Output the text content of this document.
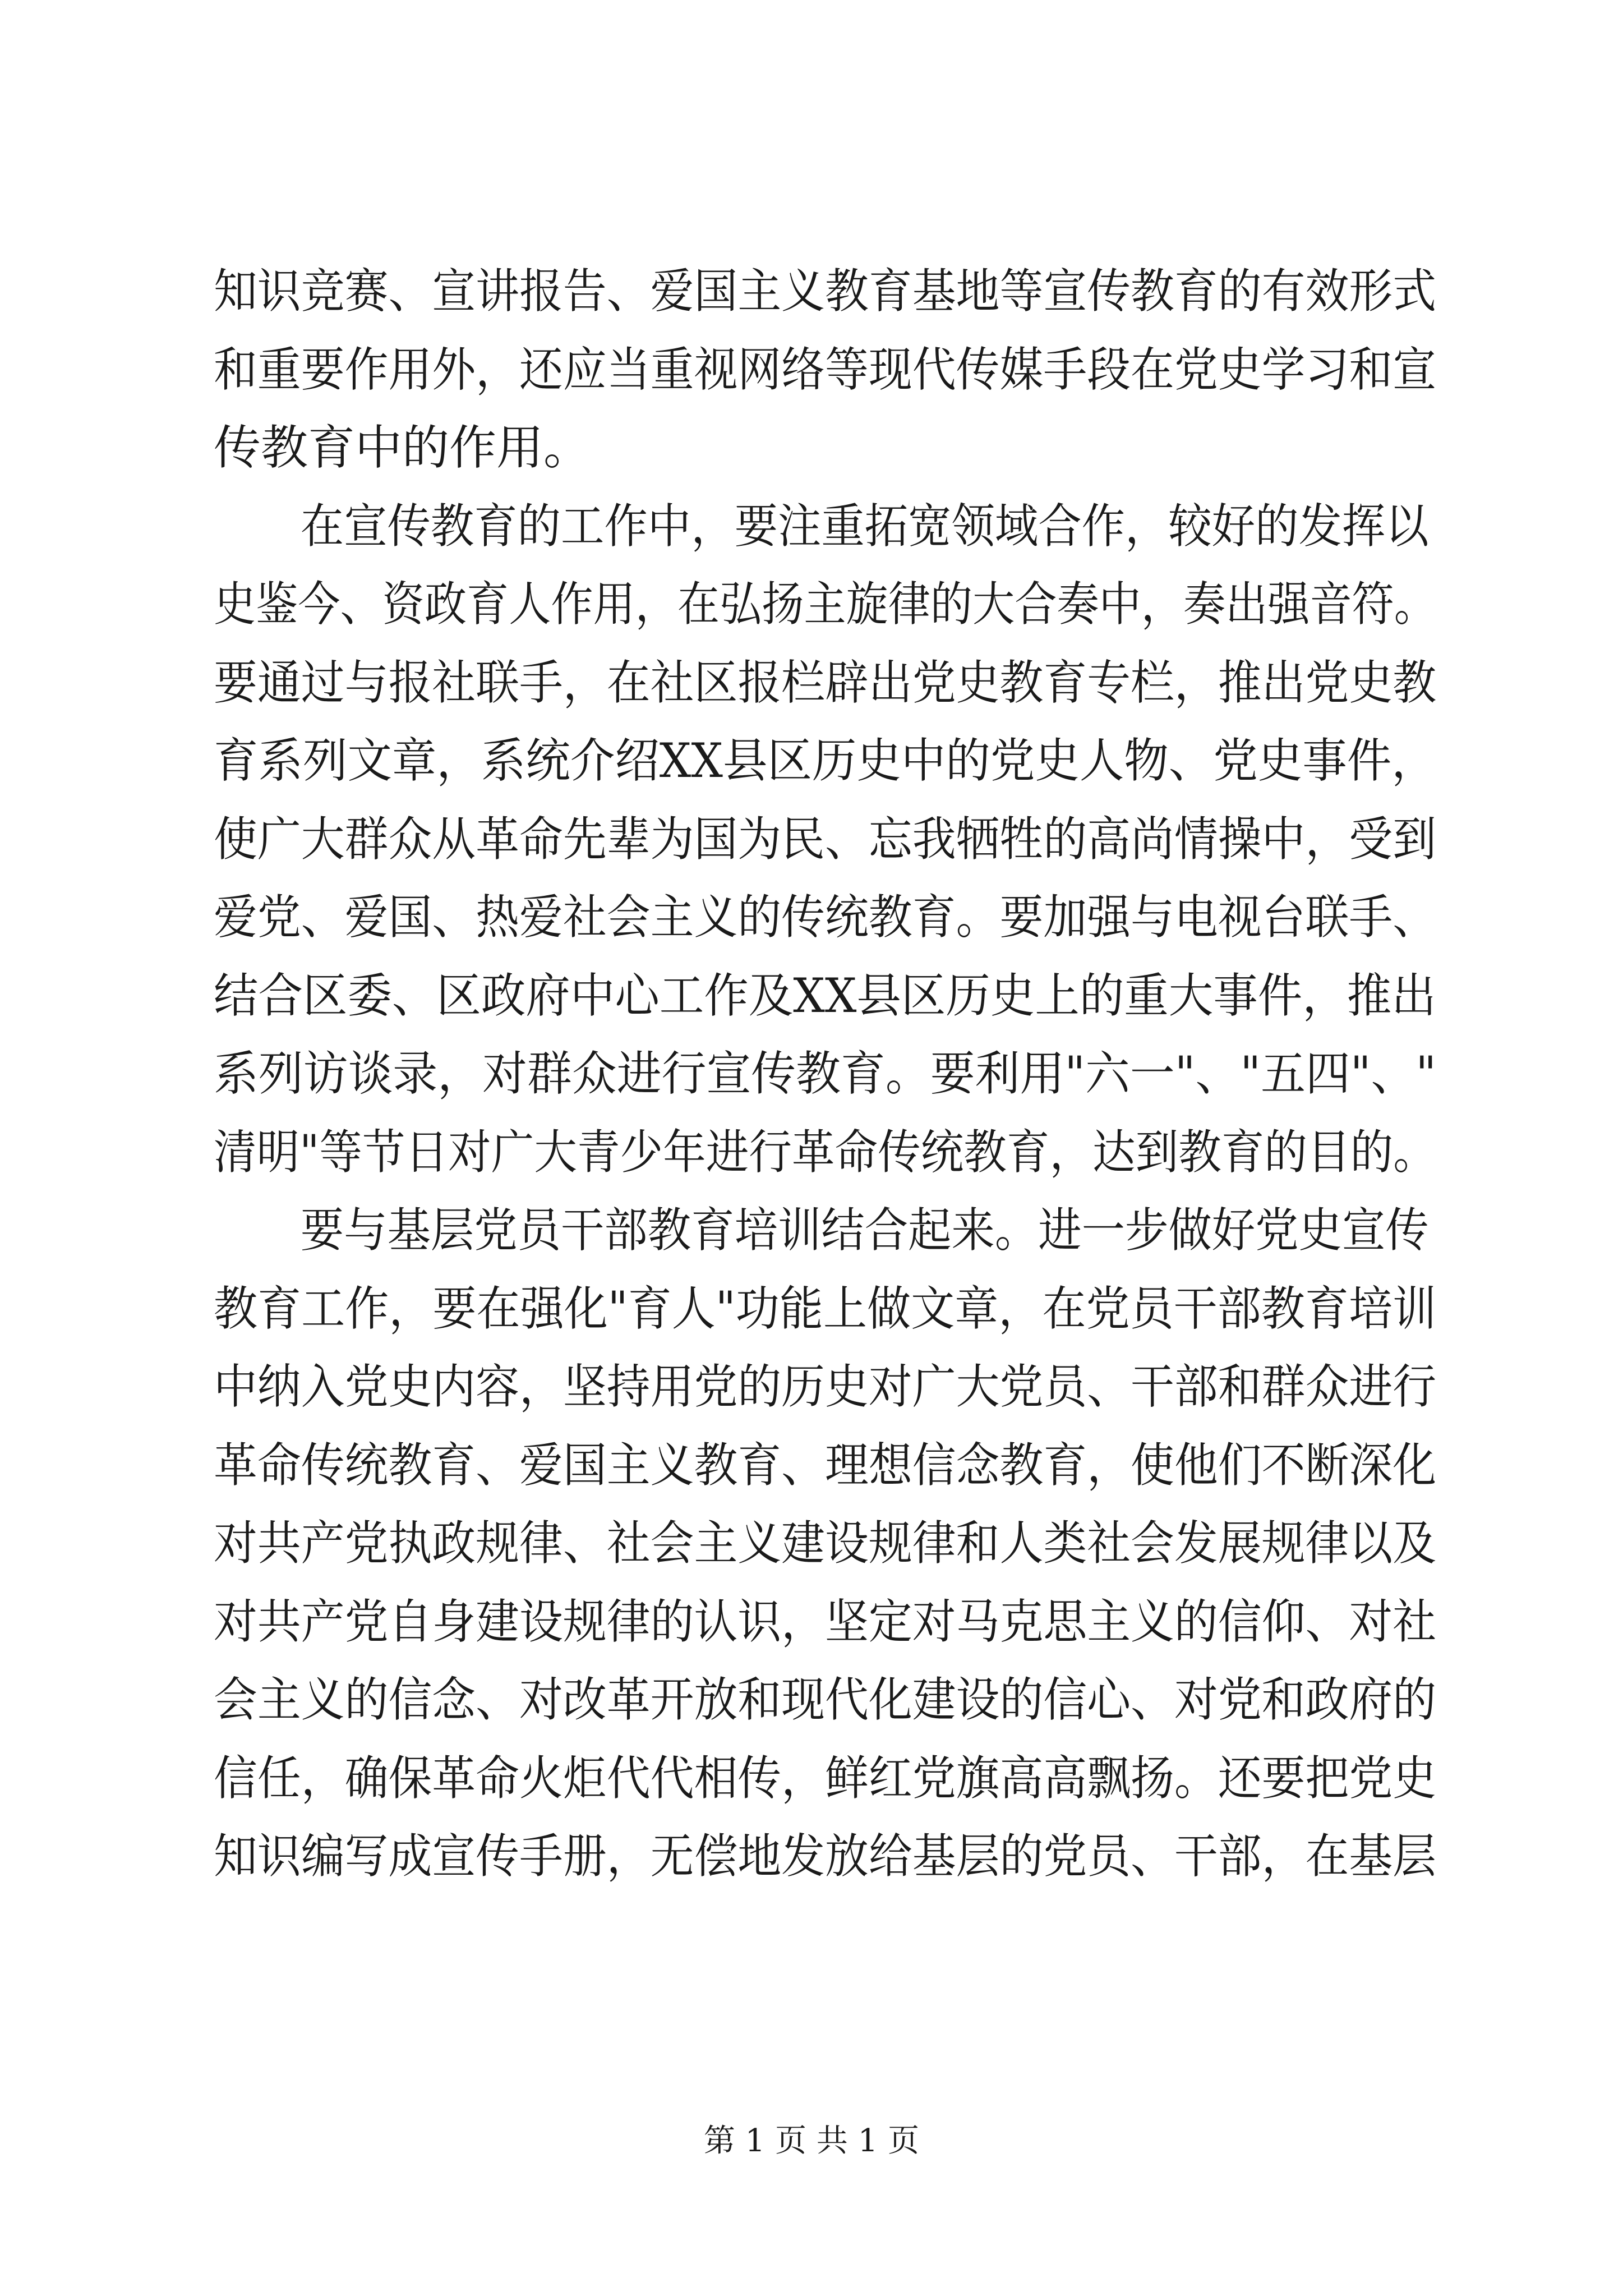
知识竞赛、宣讲报告、爱国主义教育基地等宣传教育的有效形式
和重要作用外，还应当重视网络等现代传媒手段在党史学习和宣
传教育中的作用。
在宣传教育的工作中，要注重拓宽领域合作，较好的发挥以
史鉴今、资政育人作用，在弘扬主旋律的大合奏中，奏出强音符。
要通过与报社联手，在社区报栏辟出党史教育专栏，推出党史教
育系列文章，系统介绍XX县区历史中的党史人物、党史事件，
使广大群众从革命先辈为国为民、忘我牺牲的高尚情操中，受到
爱党、爱国、热爱社会主义的传统教育。要加强与电视台联手、
结合区委、区政府中心工作及XX县区历史上的重大事件，推出
系列访谈录，对群众进行宣传教育。要利用"六一"、"五四"、"
清明"等节日对广大青少年进行革命传统教育，达到教育的目的。
要与基层党员干部教育培训结合起来。进一步做好党史宣传
教育工作，要在强化"育人"功能上做文章，在党员干部教育培训
中纳入党史内容，坚持用党的历史对广大党员、干部和群众进行
革命传统教育、爱国主义教育、理想信念教育，使他们不断深化
对共产党执政规律、社会主义建设规律和人类社会发展规律以及
对共产党自身建设规律的认识，坚定对马克思主义的信仰、对社
会主义的信念、对改革开放和现代化建设的信心、对党和政府的
信任，确保革命火炬代代相传，鲜红党旗高高飘扬。还要把党史
知识编写成宣传手册，无偿地发放给基层的党员、干部，在基层
第 1 页 共 1 页
